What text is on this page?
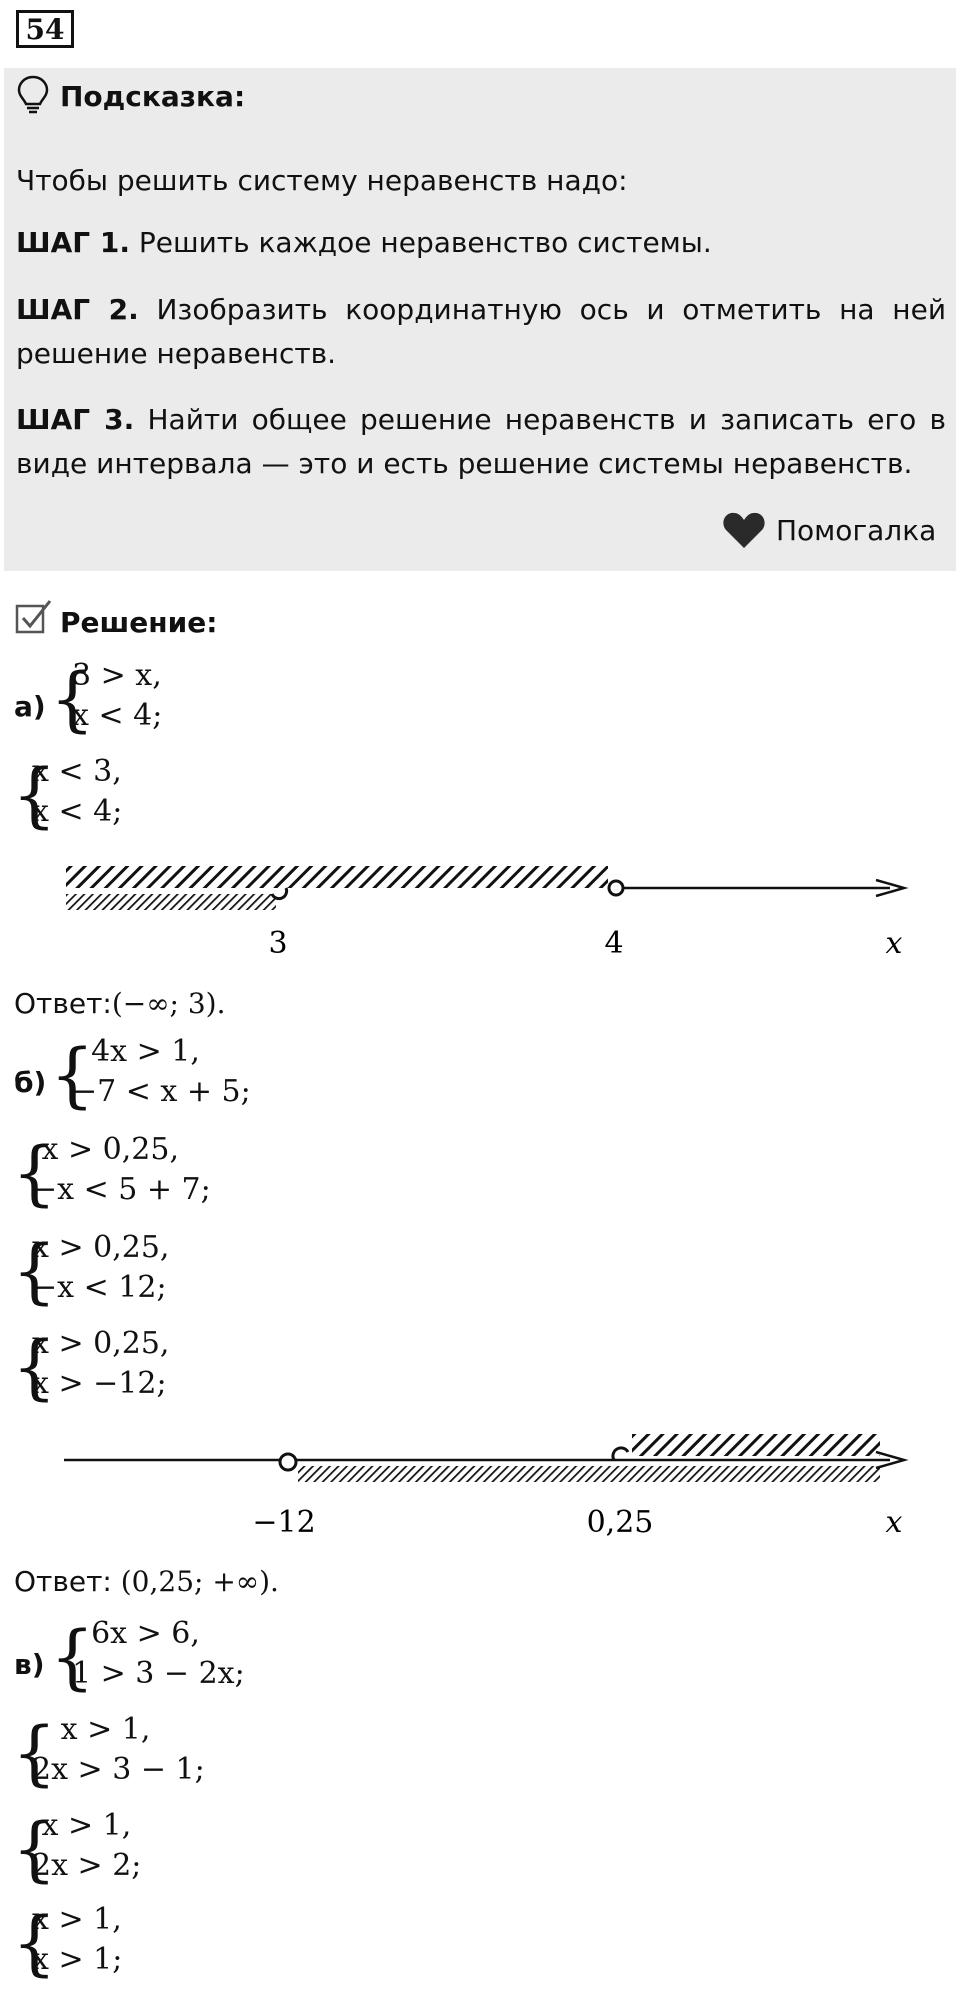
54
Подсказка:
Чтобы решить систему неравенств надо:
ШАГ 1. Решить каждое неравенство системы.
ШАГ 2. Изобразить координатную ось и отметить на ней решение неравенств.
ШАГ 3. Найти общее решение неравенств и записать его в виде интервала — это и есть решение системы неравенств.
Помогалка
Решение:
а) {
3 > x,
x < 4;
{
x < 3,
x < 4;
3	4	x
Ответ:(−∞; 3).
б) {
4x > 1,
−7 < x + 5;
{
x > 0,25,
−x < 5 + 7;
{
x > 0,25,
−x < 12;
{
x > 0,25,
x > −12;
−12	0,25	x
Ответ: (0,25; +∞).
в) {
6x > 6,
1 > 3 − 2x;
{
x > 1,
2x > 3 − 1;
{
x > 1,
2x > 2;
{
x > 1,
x > 1;
